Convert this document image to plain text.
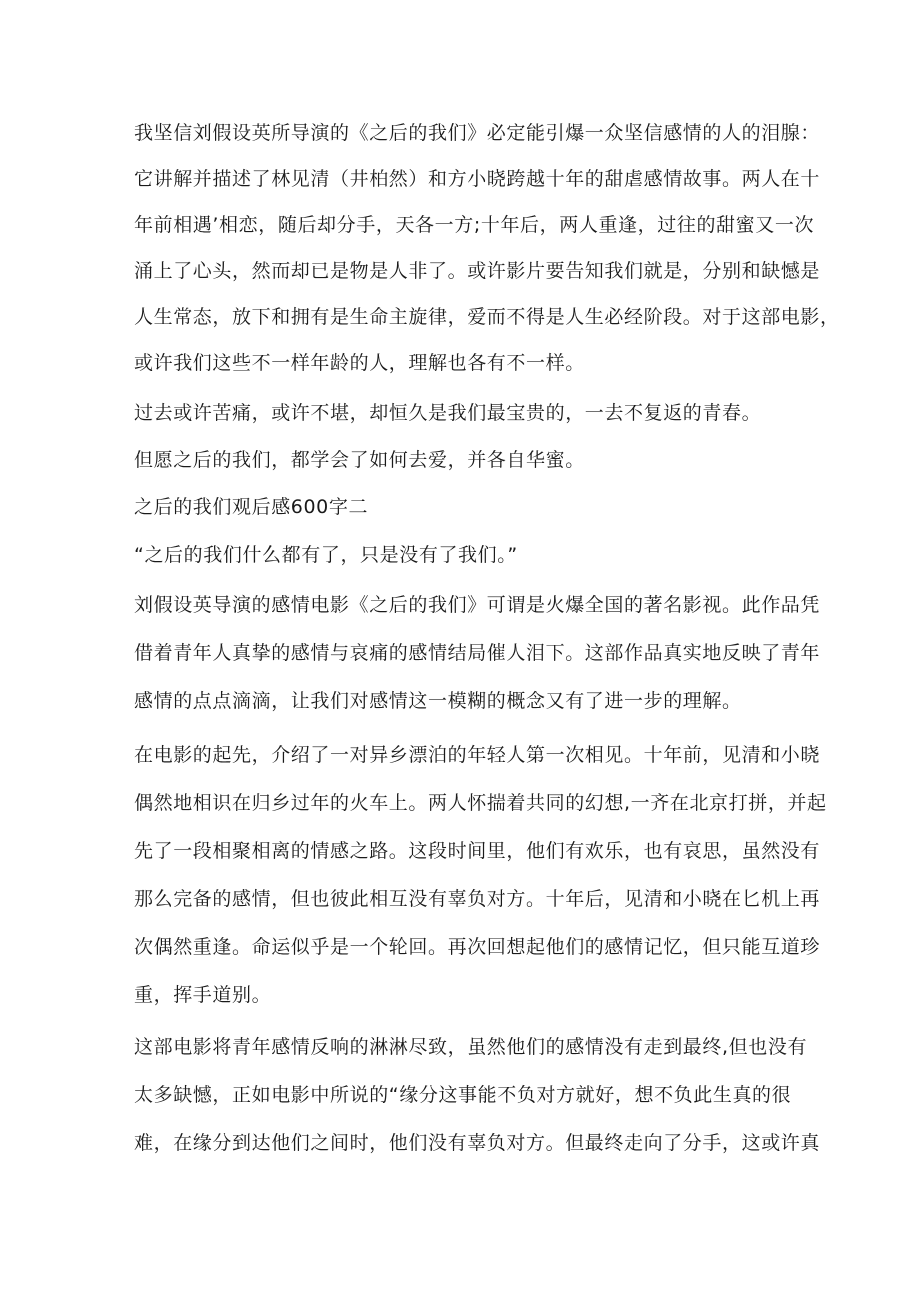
我坚信刘假设英所导演的《之后的我们》必定能引爆一众坚信感情的人的泪腺：
它讲解并描述了林见清（井柏然）和方小晓跨越十年的甜虐感情故事。两人在十
年前相遇’相恋，随后却分手，天各一方;十年后，两人重逢，过往的甜蜜又一次
涌上了心头，然而却已是物是人非了。或许影片要告知我们就是，分别和缺憾是
人生常态，放下和拥有是生命主旋律，爱而不得是人生必经阶段。对于这部电影，
或许我们这些不一样年龄的人，理解也各有不一样。
过去或许苦痛，或许不堪，却恒久是我们最宝贵的，一去不复返的青春。
但愿之后的我们，都学会了如何去爱，并各自华蜜。
之后的我们观后感600字二
“之后的我们什么都有了，只是没有了我们。”
刘假设英导演的感情电影《之后的我们》可谓是火爆全国的著名影视。此作品凭
借着青年人真挚的感情与哀痛的感情结局催人泪下。这部作品真实地反映了青年
感情的点点滴滴，让我们对感情这一模糊的概念又有了进一步的理解。
在电影的起先，介绍了一对异乡漂泊的年轻人第一次相见。十年前，见清和小晓
偶然地相识在归乡过年的火车上。两人怀揣着共同的幻想,一齐在北京打拼，并起
先了一段相聚相离的情感之路。这段时间里，他们有欢乐，也有哀思，虽然没有
那么完备的感情，但也彼此相互没有辜负对方。十年后，见清和小晓在匕机上再
次偶然重逢。命运似乎是一个轮回。再次回想起他们的感情记忆，但只能互道珍
重，挥手道别。
这部电影将青年感情反响的淋淋尽致，虽然他们的感情没有走到最终,但也没有
太多缺憾，正如电影中所说的“缘分这事能不负对方就好，想不负此生真的很
难，在缘分到达他们之间时，他们没有辜负对方。但最终走向了分手，这或许真
